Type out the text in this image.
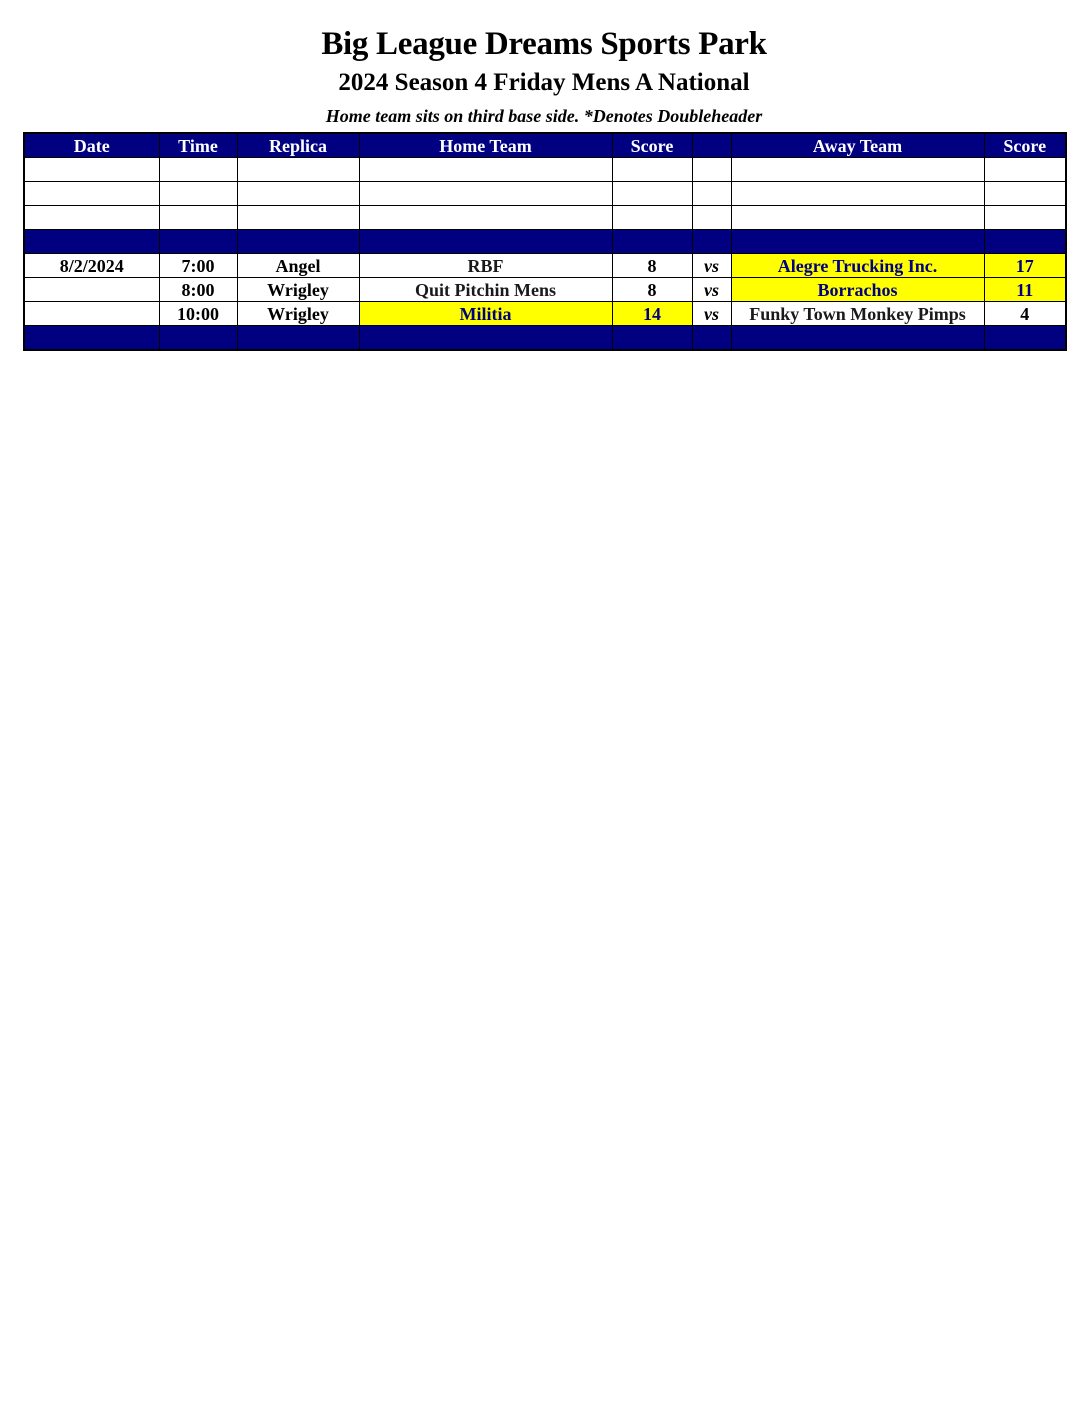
Big League Dreams Sports Park
2024 Season 4 Friday Mens A National
Home team sits on third base side. *Denotes Doubleheader
Date	Time	Replica	Home Team	Score		Away Team	Score

8/2/2024	7:00	Angel	RBF	8	vs	Alegre Trucking Inc.	17
	8:00	Wrigley	Quit Pitchin Mens	8	vs	Borrachos	11
	10:00	Wrigley	Militia	14	vs	Funky Town Monkey Pimps	4
